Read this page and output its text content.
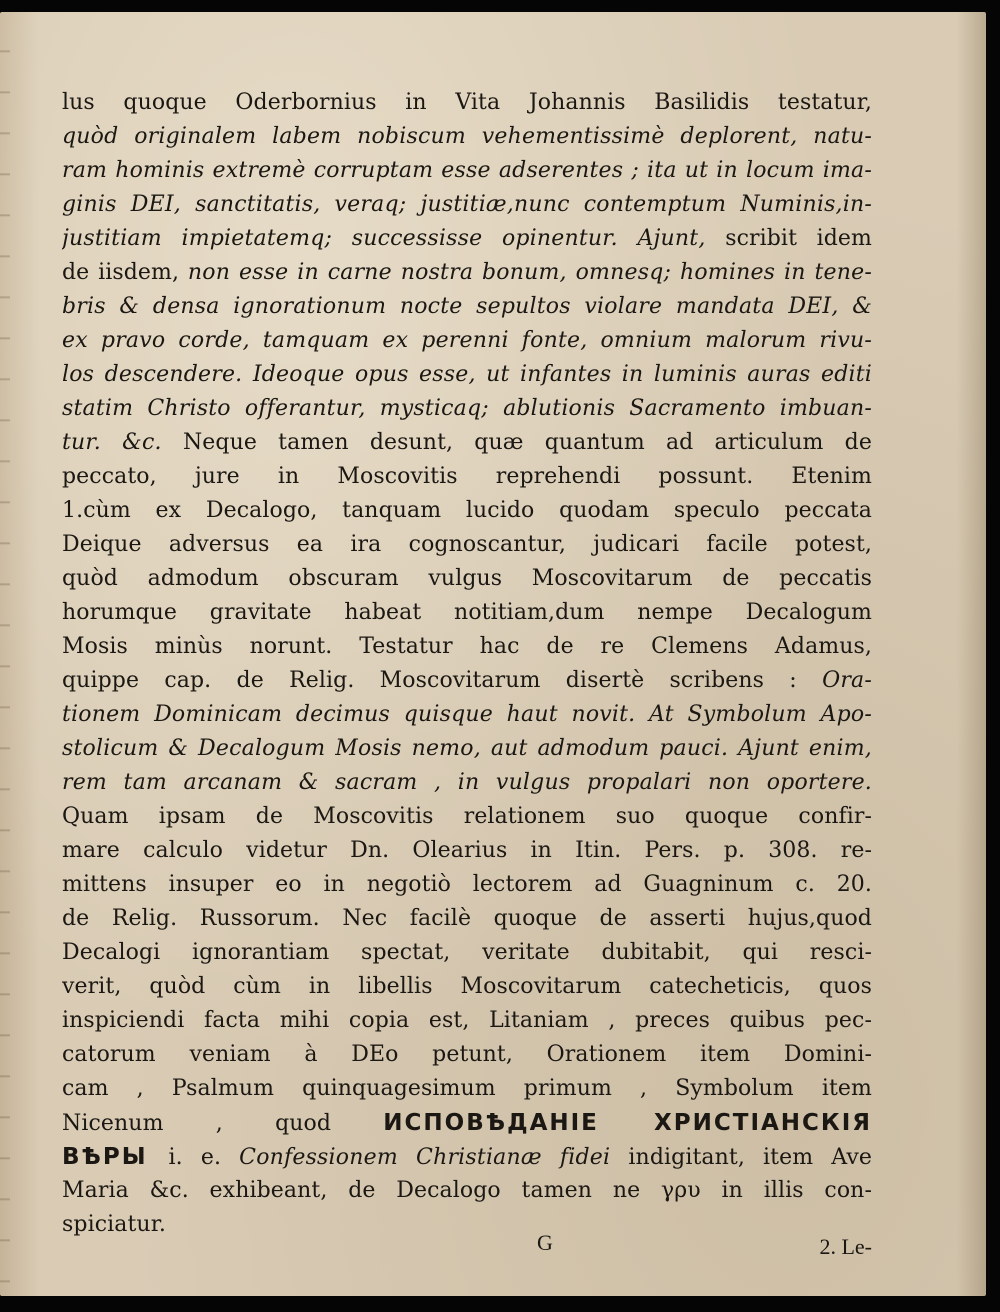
lus quoque Oderbornius in Vita Johannis Basilidis testatur,
quòd originalem labem nobiscum vehementissimè deplorent, natu-
ram hominis extremè corruptam esse adserentes ; ita ut in locum ima-
ginis DEI, sanctitatis, veraq; justitiæ,nunc contemptum Numinis,in-
justitiam impietatemq; successisse opinentur. Ajunt, scribit idem
de iisdem, non esse in carne nostra bonum, omnesq; homines in tene-
bris & densa ignorationum nocte sepultos violare mandata DEI, &
ex pravo corde, tamquam ex perenni fonte, omnium malorum rivu-
los descendere. Ideoque opus esse, ut infantes in luminis auras editi
statim Christo offerantur, mysticaq; ablutionis Sacramento imbuan-
tur. &c. Neque tamen desunt, quæ quantum ad articulum de
peccato, jure in Moscovitis reprehendi possunt. Etenim
1.cùm ex Decalogo, tanquam lucido quodam speculo peccata
Deique adversus ea ira cognoscantur, judicari facile potest,
quòd admodum obscuram vulgus Moscovitarum de peccatis
horumque gravitate habeat notitiam,dum nempe Decalogum
Mosis minùs norunt. Testatur hac de re Clemens Adamus,
quippe cap. de Relig. Moscovitarum disertè scribens : Ora-
tionem Dominicam decimus quisque haut novit. At Symbolum Apo-
stolicum & Decalogum Mosis nemo, aut admodum pauci. Ajunt enim,
rem tam arcanam & sacram , in vulgus propalari non oportere.
Quam ipsam de Moscovitis relationem suo quoque confir-
mare calculo videtur Dn. Olearius in Itin. Pers. p. 308. re-
mittens insuper eo in negotiò lectorem ad Guagninum c. 20.
de Relig. Russorum. Nec facilè quoque de asserti hujus,quod
Decalogi ignorantiam spectat, veritate dubitabit, qui resci-
verit, quòd cùm in libellis Moscovitarum catecheticis, quos
inspiciendi facta mihi copia est, Litaniam , preces quibus pec-
catorum veniam à DEo petunt, Orationem item Domini-
cam , Psalmum quinquagesimum primum , Symbolum item
Nicenum , quod ИСПОВѢДАНІЕ ХРИСТІАНСКІЯ
ВѢРЫ i. e. Confessionem Christianæ fidei indigitant, item Ave
Maria &c. exhibeant, de Decalogo tamen ne γρυ in illis con-
spiciatur.
G	2. Le-
